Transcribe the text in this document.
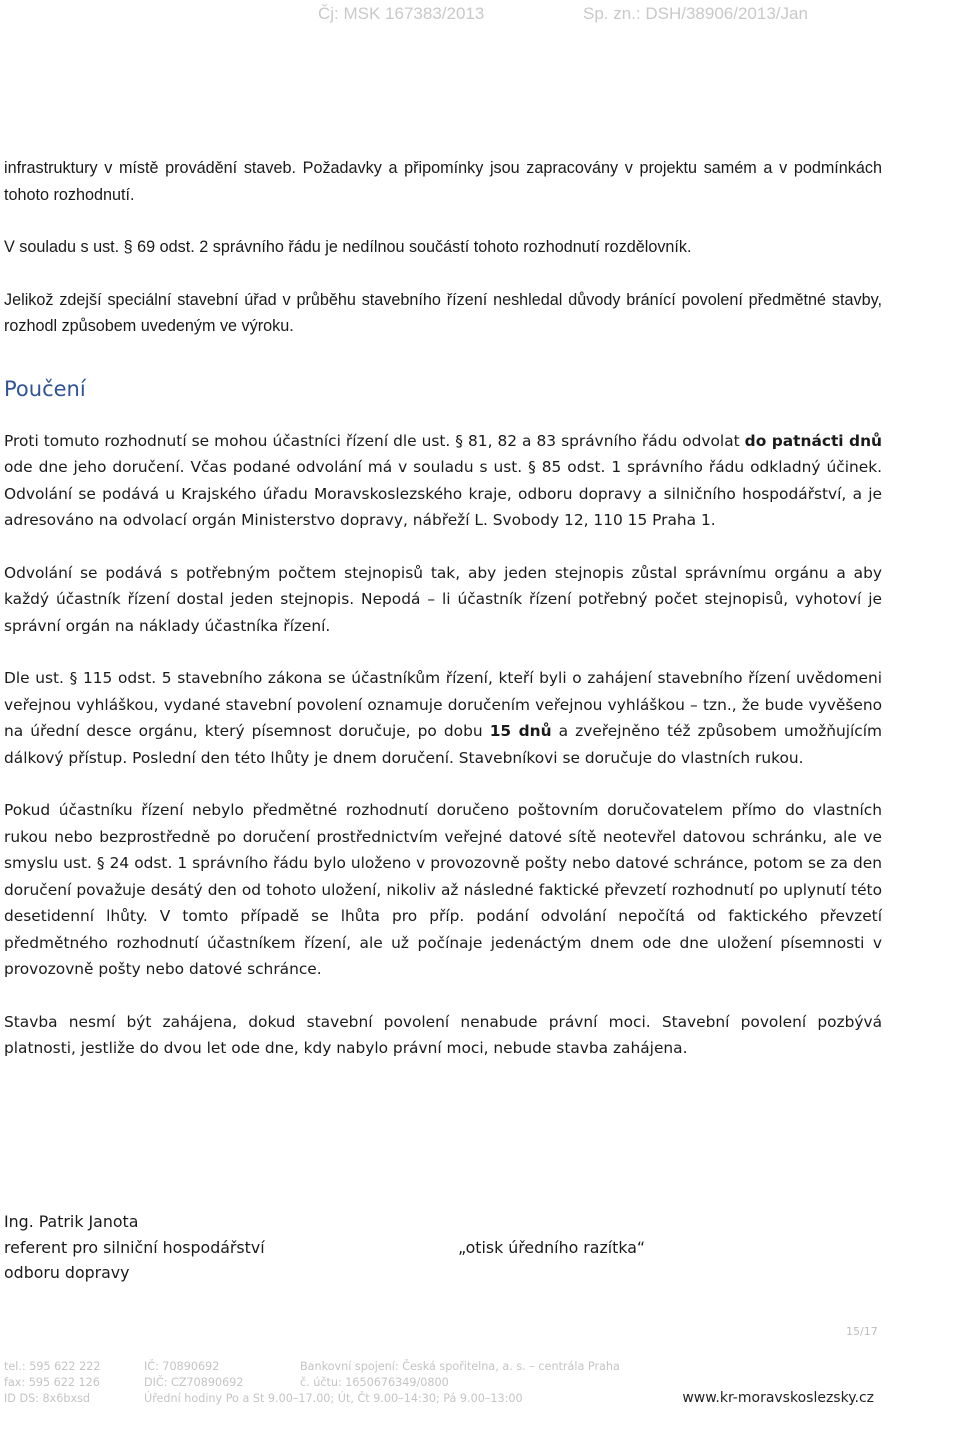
Čj: MSK 167383/2013	Sp. zn.: DSH/38906/2013/Jan

infrastruktury v místě provádění staveb. Požadavky a připomínky jsou zapracovány v projektu samém a v podmínkách tohoto rozhodnutí.

V souladu s ust. § 69 odst. 2 správního řádu je nedílnou součástí tohoto rozhodnutí rozdělovník.

Jelikož zdejší speciální stavební úřad v průběhu stavebního řízení neshledal důvody bránící povolení předmětné stavby, rozhodl způsobem uvedeným ve výroku.

Poučení

Proti tomuto rozhodnutí se mohou účastníci řízení dle ust. § 81, 82 a 83 správního řádu odvolat do patnácti dnů ode dne jeho doručení. Včas podané odvolání má v souladu s ust. § 85 odst. 1 správního řádu odkladný účinek. Odvolání se podává u Krajského úřadu Moravskoslezského kraje, odboru dopravy a silničního hospodářství, a je adresováno na odvolací orgán Ministerstvo dopravy, nábřeží L. Svobody 12, 110 15 Praha 1.

Odvolání se podává s potřebným počtem stejnopisů tak, aby jeden stejnopis zůstal správnímu orgánu a aby každý účastník řízení dostal jeden stejnopis. Nepodá – li účastník řízení potřebný počet stejnopisů, vyhotoví je správní orgán na náklady účastníka řízení.

Dle ust. § 115 odst. 5 stavebního zákona se účastníkům řízení, kteří byli o zahájení stavebního řízení uvědomeni veřejnou vyhláškou, vydané stavební povolení oznamuje doručením veřejnou vyhláškou – tzn., že bude vyvěšeno na úřední desce orgánu, který písemnost doručuje, po dobu 15 dnů a zveřejněno též způsobem umožňujícím dálkový přístup. Poslední den této lhůty je dnem doručení. Stavebníkovi se doručuje do vlastních rukou.

Pokud účastníku řízení nebylo předmětné rozhodnutí doručeno poštovním doručovatelem přímo do vlastních rukou nebo bezprostředně po doručení prostřednictvím veřejné datové sítě neotevřel datovou schránku, ale ve smyslu ust. § 24 odst. 1 správního řádu bylo uloženo v provozovně pošty nebo datové schránce, potom se za den doručení považuje desátý den od tohoto uložení, nikoliv až následné faktické převzetí rozhodnutí po uplynutí této desetidenní lhůty. V tomto případě se lhůta pro příp. podání odvolání nepočítá od faktického převzetí předmětného rozhodnutí účastníkem řízení, ale už počínaje jedenáctým dnem ode dne uložení písemnosti v provozovně pošty nebo datové schránce.

Stavba nesmí být zahájena, dokud stavební povolení nenabude právní moci. Stavební povolení pozbývá platnosti, jestliže do dvou let ode dne, kdy nabylo právní moci, nebude stavba zahájena.

Ing. Patrik Janota
referent pro silniční hospodářství	„otisk úředního razítka“
odboru dopravy
15/17
tel.: 595 622 222	IČ: 70890692	Bankovní spojení: Česká spořitelna, a. s. – centrála Praha
fax: 595 622 126	DIČ: CZ70890692	č. účtu: 1650676349/0800
ID DS: 8x6bxsd	Úřední hodiny Po a St 9.00–17.00; Út, Čt 9.00–14:30; Pá 9.00–13:00	www.kr-moravskoslezsky.cz
